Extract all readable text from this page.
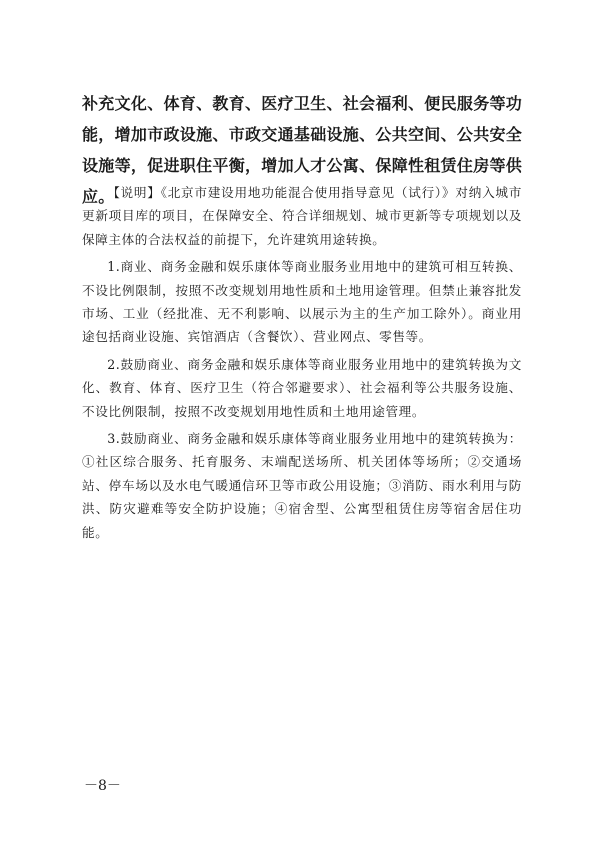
补充文化、体育、教育、医疗卫生、社会福利、便民服务等功能，增加市政设施、市政交通基础设施、公共空间、公共安全设施等，促进职住平衡，增加人才公寓、保障性租赁住房等供应。

【说明】《北京市建设用地功能混合使用指导意见（试行）》对纳入城市更新项目库的项目，在保障安全、符合详细规划、城市更新等专项规划以及保障主体的合法权益的前提下，允许建筑用途转换。

1.商业、商务金融和娱乐康体等商业服务业用地中的建筑可相互转换、不设比例限制，按照不改变规划用地性质和土地用途管理。但禁止兼容批发市场、工业（经批准、无不利影响、以展示为主的生产加工除外）。商业用途包括商业设施、宾馆酒店（含餐饮）、营业网点、零售等。

2.鼓励商业、商务金融和娱乐康体等商业服务业用地中的建筑转换为文化、教育、体育、医疗卫生（符合邻避要求）、社会福利等公共服务设施、不设比例限制，按照不改变规划用地性质和土地用途管理。

3.鼓励商业、商务金融和娱乐康体等商业服务业用地中的建筑转换为：①社区综合服务、托育服务、末端配送场所、机关团体等场所；②交通场站、停车场以及水电气暖通信环卫等市政公用设施；③消防、雨水利用与防洪、防灾避难等安全防护设施；④宿舍型、公寓型租赁住房等宿舍居住功能。

－8－
